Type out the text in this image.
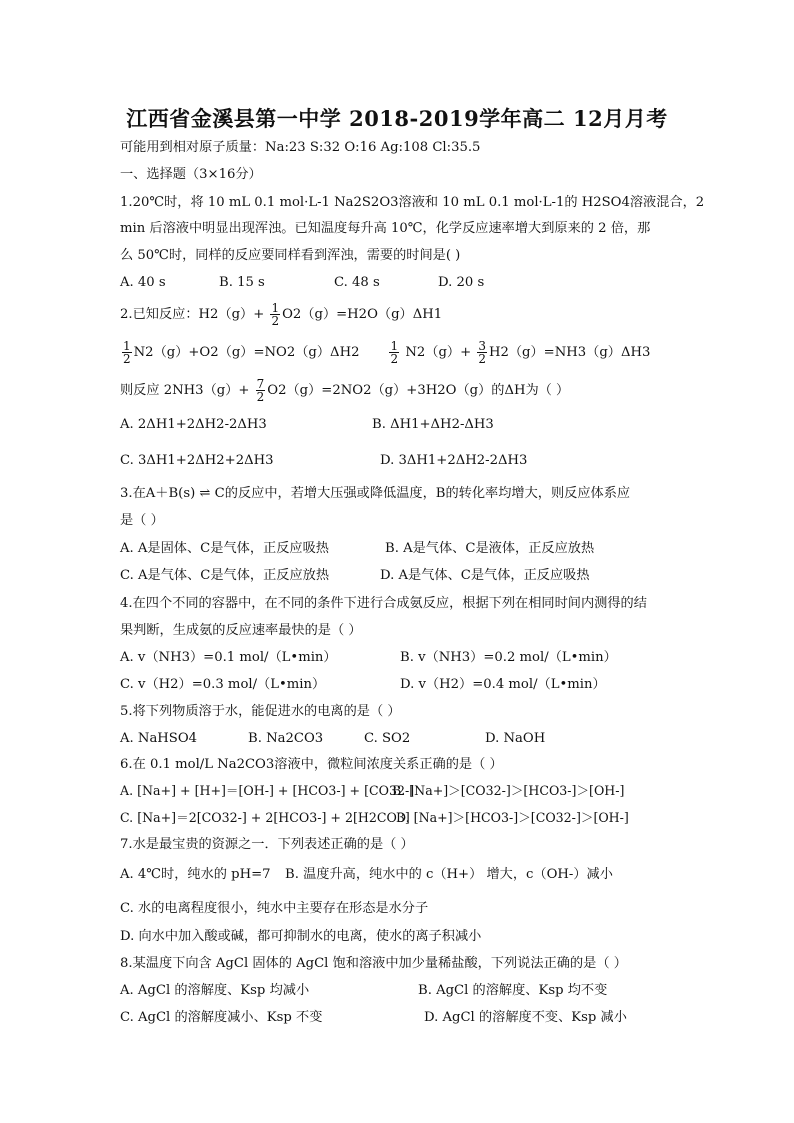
江西省金溪县第一中学 2018-2019学年高二 12月月考
可能用到相对原子质量：Na:23 S:32 O:16 Ag:108 Cl:35.5
一、选择题（3×16分）
1.20℃时，将 10 mL 0.1 mol·L-1 Na2S2O3溶液和 10 mL 0.1 mol·L-1的 H2SO4溶液混合，2
min 后溶液中明显出现浑浊。已知温度每升高 10℃，化学反应速率增大到原来的 2 倍，那
么 50℃时，同样的反应要同样看到浑浊，需要的时间是( )
A. 40 s	B. 15 s	C. 48 s	D. 20 s
2.已知反应：$H2(g)+ \frac{1}{2} O2(g)=H2O(g)\Delta H1$
$\frac{1}{2} N2(g)+O2(g)=NO2(g)\Delta H2$	$\frac{1}{2} N2(g)+ \frac{3}{2} H2(g)=NH3(g)\Delta H3$
则反应 $2NH3(g)+ \frac{7}{2} O2(g)=2NO2(g)+3H2O(g)$的ΔH为（ ）
A. 2ΔH1+2ΔH2-2ΔH3	B. ΔH1+ΔH2-ΔH3
C. 3ΔH1+2ΔH2+2ΔH3	D. 3ΔH1+2ΔH2-2ΔH3
3.在A＋B(s) ⇌ C的反应中，若增大压强或降低温度，B的转化率均增大，则反应体系应
是（ ）
A. A是固体、C是气体，正反应吸热	B. A是气体、C是液体，正反应放热
C. A是气体、C是气体，正反应放热	D. A是气体、C是气体，正反应吸热
4.在四个不同的容器中，在不同的条件下进行合成氨反应，根据下列在相同时间内测得的结
果判断，生成氨的反应速率最快的是（ ）
A. v（NH3）=0.1 mol/（L•min）	B. v（NH3）=0.2 mol/（L•min）
C. v（H2）=0.3 mol/（L•min）	D. v（H2）=0.4 mol/（L•min）
5.将下列物质溶于水，能促进水的电离的是（ ）
A. NaHSO4	B. Na2CO3	C. SO2	D. NaOH
6.在 0.1 mol/L Na2CO3溶液中，微粒间浓度关系正确的是（ ）
A. [Na+] + [H+]＝[OH-] + [HCO3-] + [CO32-]
B. [Na+]＞[CO32-]＞[HCO3-]＞[OH-]
C. [Na+]＝2[CO32-] + 2[HCO3-] + 2[H2CO3]
D. [Na+]＞[HCO3-]＞[CO32-]＞[OH-]
7.水是最宝贵的资源之一．下列表述正确的是（ ）
A. 4℃时，纯水的 pH=7 B. 温度升高，纯水中的 c（H+） 增大，c（OH-）减小
C. 水的电离程度很小，纯水中主要存在形态是水分子
D. 向水中加入酸或碱，都可抑制水的电离，使水的离子积减小
8.某温度下向含 AgCl 固体的 AgCl 饱和溶液中加少量稀盐酸，下列说法正确的是（ ）
A. AgCl 的溶解度、Ksp 均减小	B. AgCl 的溶解度、Ksp 均不变
C. AgCl 的溶解度减小、Ksp 不变	D. AgCl 的溶解度不变、Ksp 减小
